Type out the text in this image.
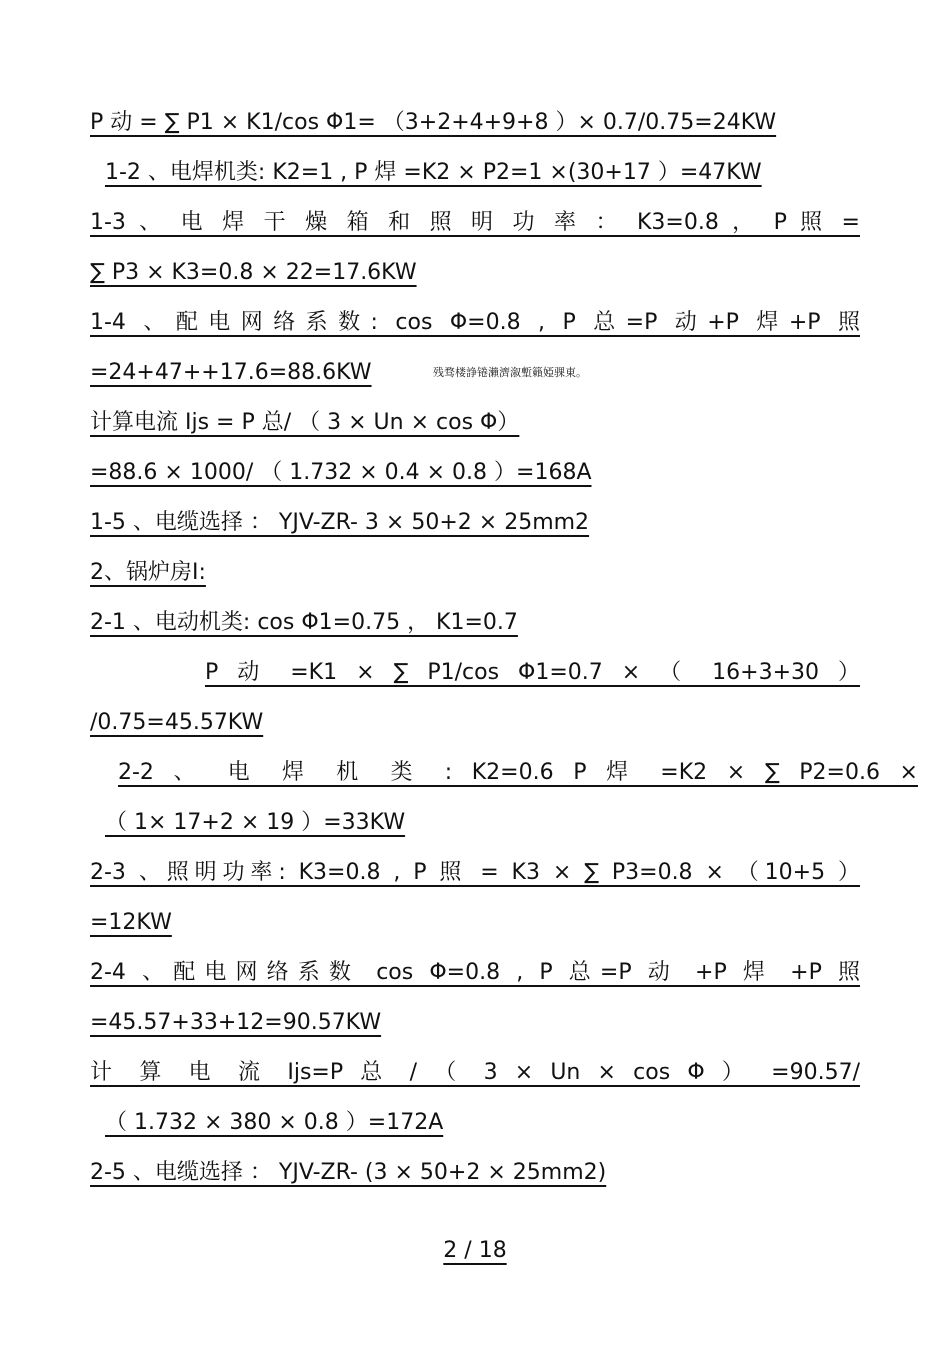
P 动 = ∑ P1 × K1/cos Φ1= （3+2+4+9+8 ）× 0.7/0.75=24KW
1-2 、电焊机类: K2=1 , P 焊 =K2 × P2=1 ×(30+17 ）=47KW
1-3 、 电 焊 干 燥 箱 和 照 明 功 率 ： K3=0.8 ， P 照 =
∑ P3 × K3=0.8 × 22=17.6KW
1-4 、配电网络系数: cos Φ=0.8 , P 总=P 动+P 焊+P 照
=24+47++17.6=88.6KW	残骛楼諍锩瀨濟溆塹籟婭骒東。
计算电流 Ijs = P 总/ （ 3 × Un × cos Φ）
=88.6 × 1000/ （ 1.732 × 0.4 × 0.8 ）=168A
1-5 、电缆选择 ： YJV-ZR- 3 × 50+2 × 25mm2
2、锅炉房Ⅰ:
2-1 、电动机类: cos Φ1=0.75 ， K1=0.7
P 动 =K1 × ∑ P1/cos Φ1=0.7 × （ 16+3+30 ）
/0.75=45.57KW
2-2 、 电 焊 机 类 : K2=0.6 P 焊 =K2 × ∑ P2=0.6 ×
（ 1× 17+2 × 19 ）=33KW
2-3 、照明功率: K3=0.8 , P 照 = K3 × ∑ P3=0.8 × （10+5 ）
=12KW
2-4 、配电网络系数 cos Φ=0.8 , P 总=P 动 +P 焊 +P 照
=45.57+33+12=90.57KW
计 算 电 流 Ijs=P 总 / （ 3 × Un × cos Φ ） =90.57/
（ 1.732 × 380 × 0.8 ）=172A
2-5 、电缆选择 ： YJV-ZR- (3 × 50+2 × 25mm2)
2 / 18
